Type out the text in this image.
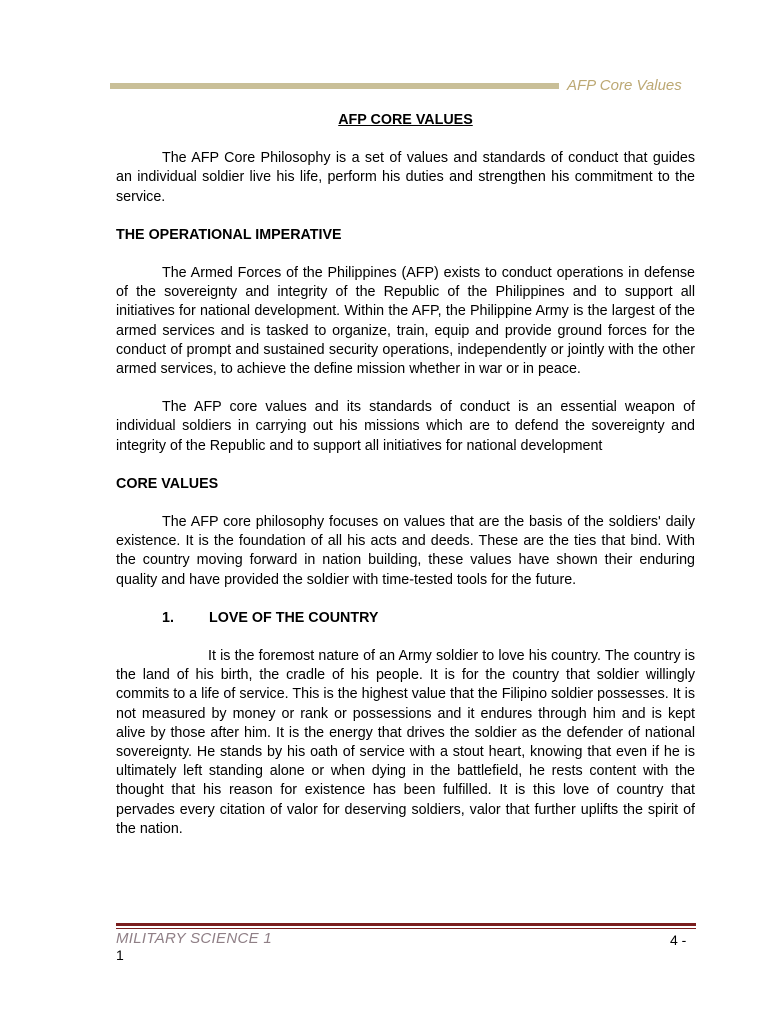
AFP Core Values
AFP CORE VALUES

The AFP Core Philosophy is a set of values and standards of conduct that guides an individual soldier live his life, perform his duties and strengthen his commitment to the service.

THE OPERATIONAL IMPERATIVE

The Armed Forces of the Philippines (AFP) exists to conduct operations in defense of the sovereignty and integrity of the Republic of the Philippines and to support all initiatives for national development. Within the AFP, the Philippine Army is the largest of the armed services and is tasked to organize, train, equip and provide ground forces for the conduct of prompt and sustained security operations, independently or jointly with the other armed services, to achieve the define mission whether in war or in peace.

The AFP core values and its standards of conduct is an essential weapon of individual soldiers in carrying out his missions which are to defend the sovereignty and integrity of the Republic and to support all initiatives for national development

CORE VALUES

The AFP core philosophy focuses on values that are the basis of the soldiers' daily existence. It is the foundation of all his acts and deeds. These are the ties that bind. With the country moving forward in nation building, these values have shown their enduring quality and have provided the soldier with time-tested tools for the future.

1.	LOVE OF THE COUNTRY

It is the foremost nature of an Army soldier to love his country. The country is the land of his birth, the cradle of his people. It is for the country that soldier willingly commits to a life of service. This is the highest value that the Filipino soldier possesses. It is not measured by money or rank or possessions and it endures through him and is kept alive by those after him. It is the energy that drives the soldier as the defender of national sovereignty. He stands by his oath of service with a stout heart, knowing that even if he is ultimately left standing alone or when dying in the battlefield, he rests content with the thought that his reason for existence has been fulfilled. It is this love of country that pervades every citation of valor for deserving soldiers, valor that further uplifts the spirit of the nation.

MILITARY SCIENCE 1	4 -
1
